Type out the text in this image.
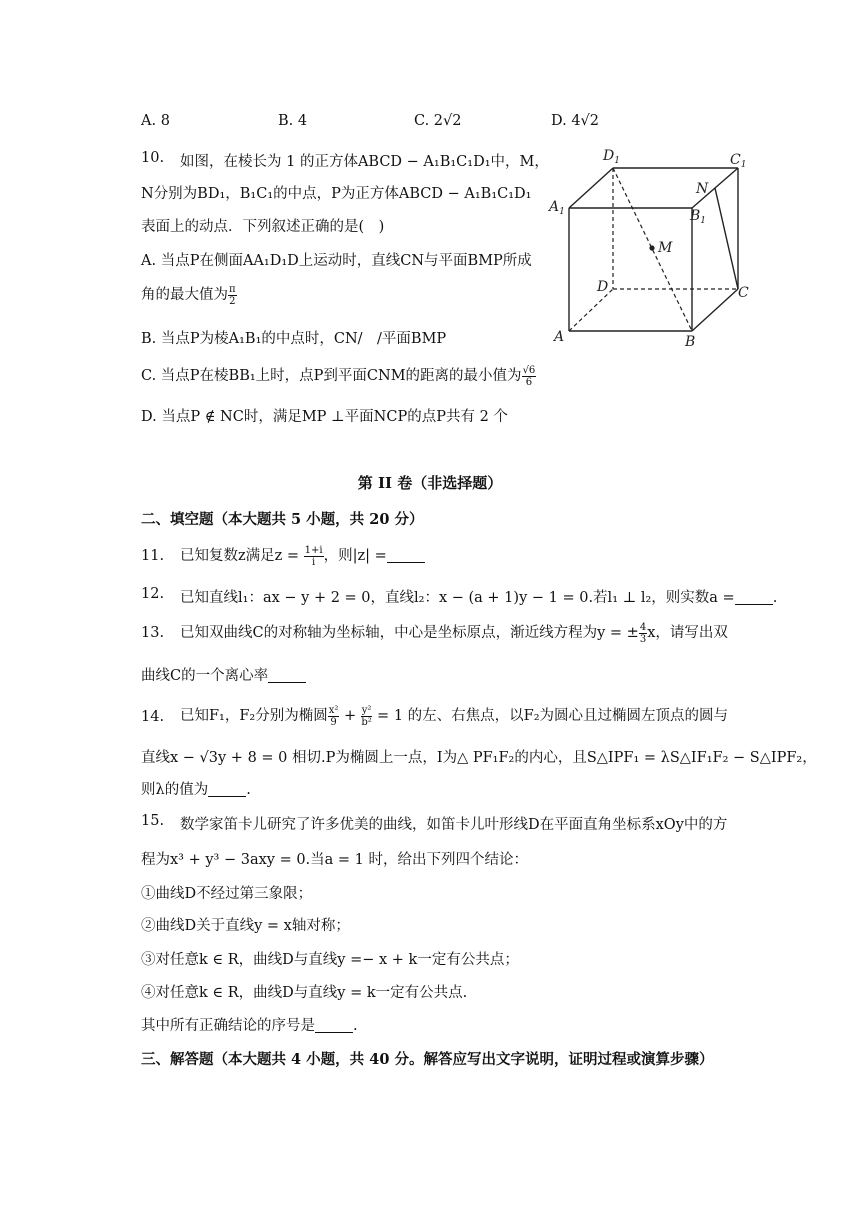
A. 8	B. 4	C. 2√2	D. 4√2
10. 如图，在棱长为 1 的正方体ABCD − A₁B₁C₁D₁中，M，
N分别为BD₁，B₁C₁的中点，P为正方体ABCD − A₁B₁C₁D₁
表面上的动点．下列叙述正确的是(　)
A. 当点P在侧面AA₁D₁D上运动时，直线CN与平面BMP所成
角的最大值为 $\frac{\pi}{2}$
B. 当点P为棱A₁B₁的中点时，CN/　/平面BMP
C. 当点P在棱BB₁上时，点P到平面CNM的距离的最小值为 $\frac{√6}{6}$
D. 当点P ∉ NC时，满足MP ⊥平面NCP的点P共有 2 个
$D_1$	$C_1$
$A_1$	$B_1$
N
M
D	C
A	B
第 II 卷（非选择题）
二、填空题（本大题共 5 小题，共 20 分）
11. 已知复数z满足$z = \frac{1+i}{i}$ ，则|z| =
12. 已知直线l₁：ax − y + 2 = 0，直线l₂：x − (a + 1)y − 1 = 0.若l₁ ⊥ l₂，则实数a =	.
13. 已知双曲线C的对称轴为坐标轴，中心是坐标原点，渐近线方程为y = ± $\frac{4}{3}$ x，请写出双
曲线C的一个离心率
14. 已知F₁，F₂分别为椭圆 $\frac{\text{x²}}{9} + \frac{\text{y²}}{\text{b²}} = 1$ 的左、右焦点，以F₂为圆心且过椭圆左顶点的圆与
直线x − √3y + 8 = 0 相切.P为椭圆上一点，I为△ PF₁F₂的内心，且S△IPF₁ = λS△IF₁F₂ − S△IPF₂，
则λ的值为	.
15. 数学家笛卡儿研究了许多优美的曲线，如笛卡儿叶形线D在平面直角坐标系xOy中的方
程为x³ + y³ − 3axy = 0.当a = 1 时，给出下列四个结论：
①曲线D不经过第三象限；
②曲线D关于直线y = x轴对称；
③对任意k ∈ R，曲线D与直线y =− x + k一定有公共点；
④对任意k ∈ R，曲线D与直线y = k一定有公共点.
其中所有正确结论的序号是	.
三、解答题（本大题共 4 小题，共 40 分。解答应写出文字说明，证明过程或演算步骤）
